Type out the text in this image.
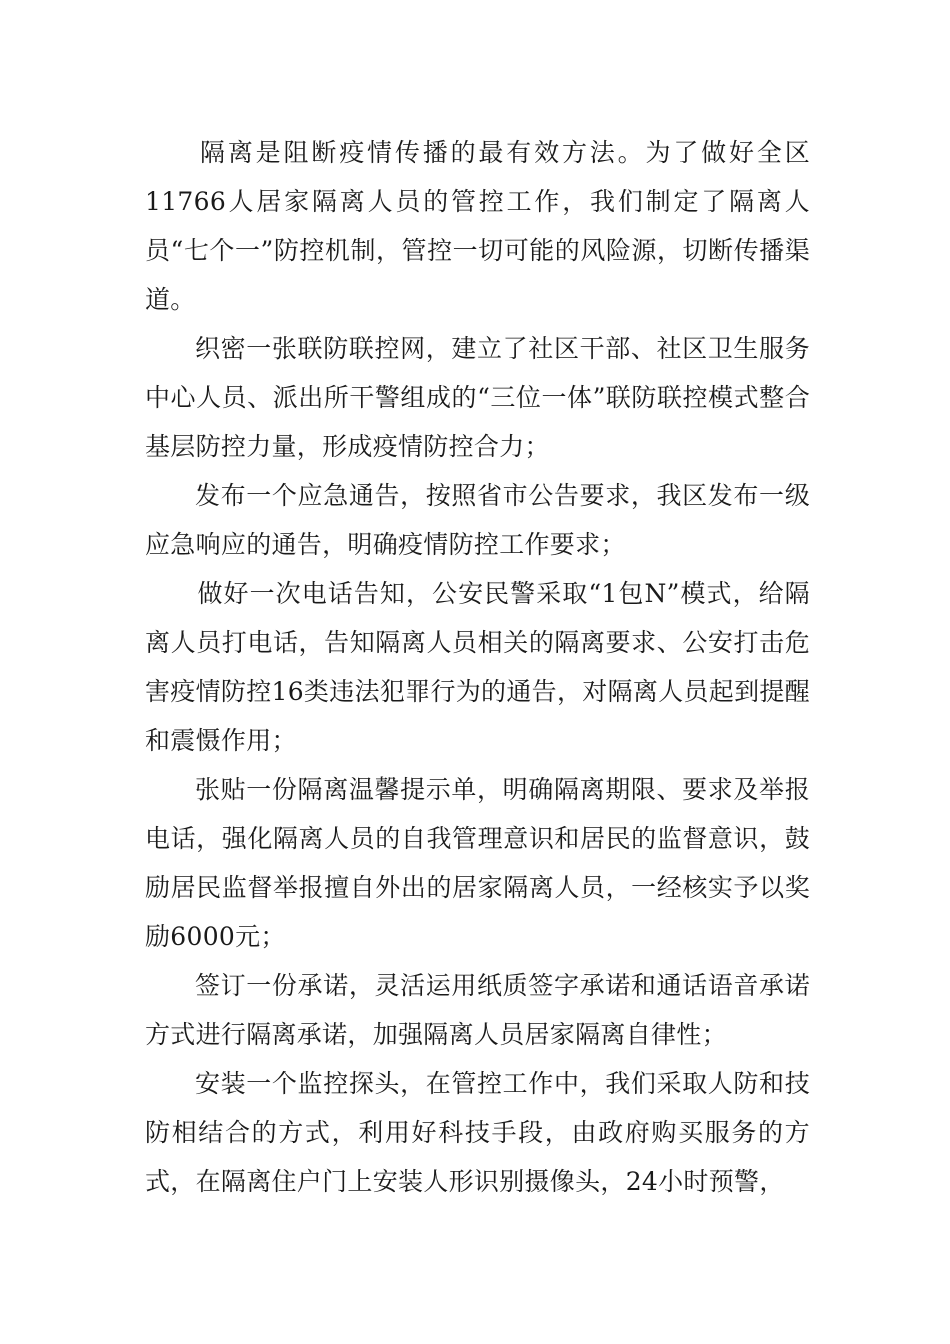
隔离是阻断疫情传播的最有效方法。为了做好全区11766人居家隔离人员的管控工作，我们制定了隔离人员“七个一”防控机制，管控一切可能的风险源，切断传播渠道。

织密一张联防联控网，建立了社区干部、社区卫生服务中心人员、派出所干警组成的“三位一体”联防联控模式整合基层防控力量，形成疫情防控合力；

发布一个应急通告，按照省市公告要求，我区发布一级应急响应的通告，明确疫情防控工作要求；

做好一次电话告知，公安民警采取“1包N”模式，给隔离人员打电话，告知隔离人员相关的隔离要求、公安打击危害疫情防控16类违法犯罪行为的通告，对隔离人员起到提醒和震慑作用；

张贴一份隔离温馨提示单，明确隔离期限、要求及举报电话，强化隔离人员的自我管理意识和居民的监督意识，鼓励居民监督举报擅自外出的居家隔离人员，一经核实予以奖励6000元；

签订一份承诺，灵活运用纸质签字承诺和通话语音承诺方式进行隔离承诺，加强隔离人员居家隔离自律性；

安装一个监控探头，在管控工作中，我们采取人防和技防相结合的方式，利用好科技手段，由政府购买服务的方式，在隔离住户门上安装人形识别摄像头，24小时预警，
